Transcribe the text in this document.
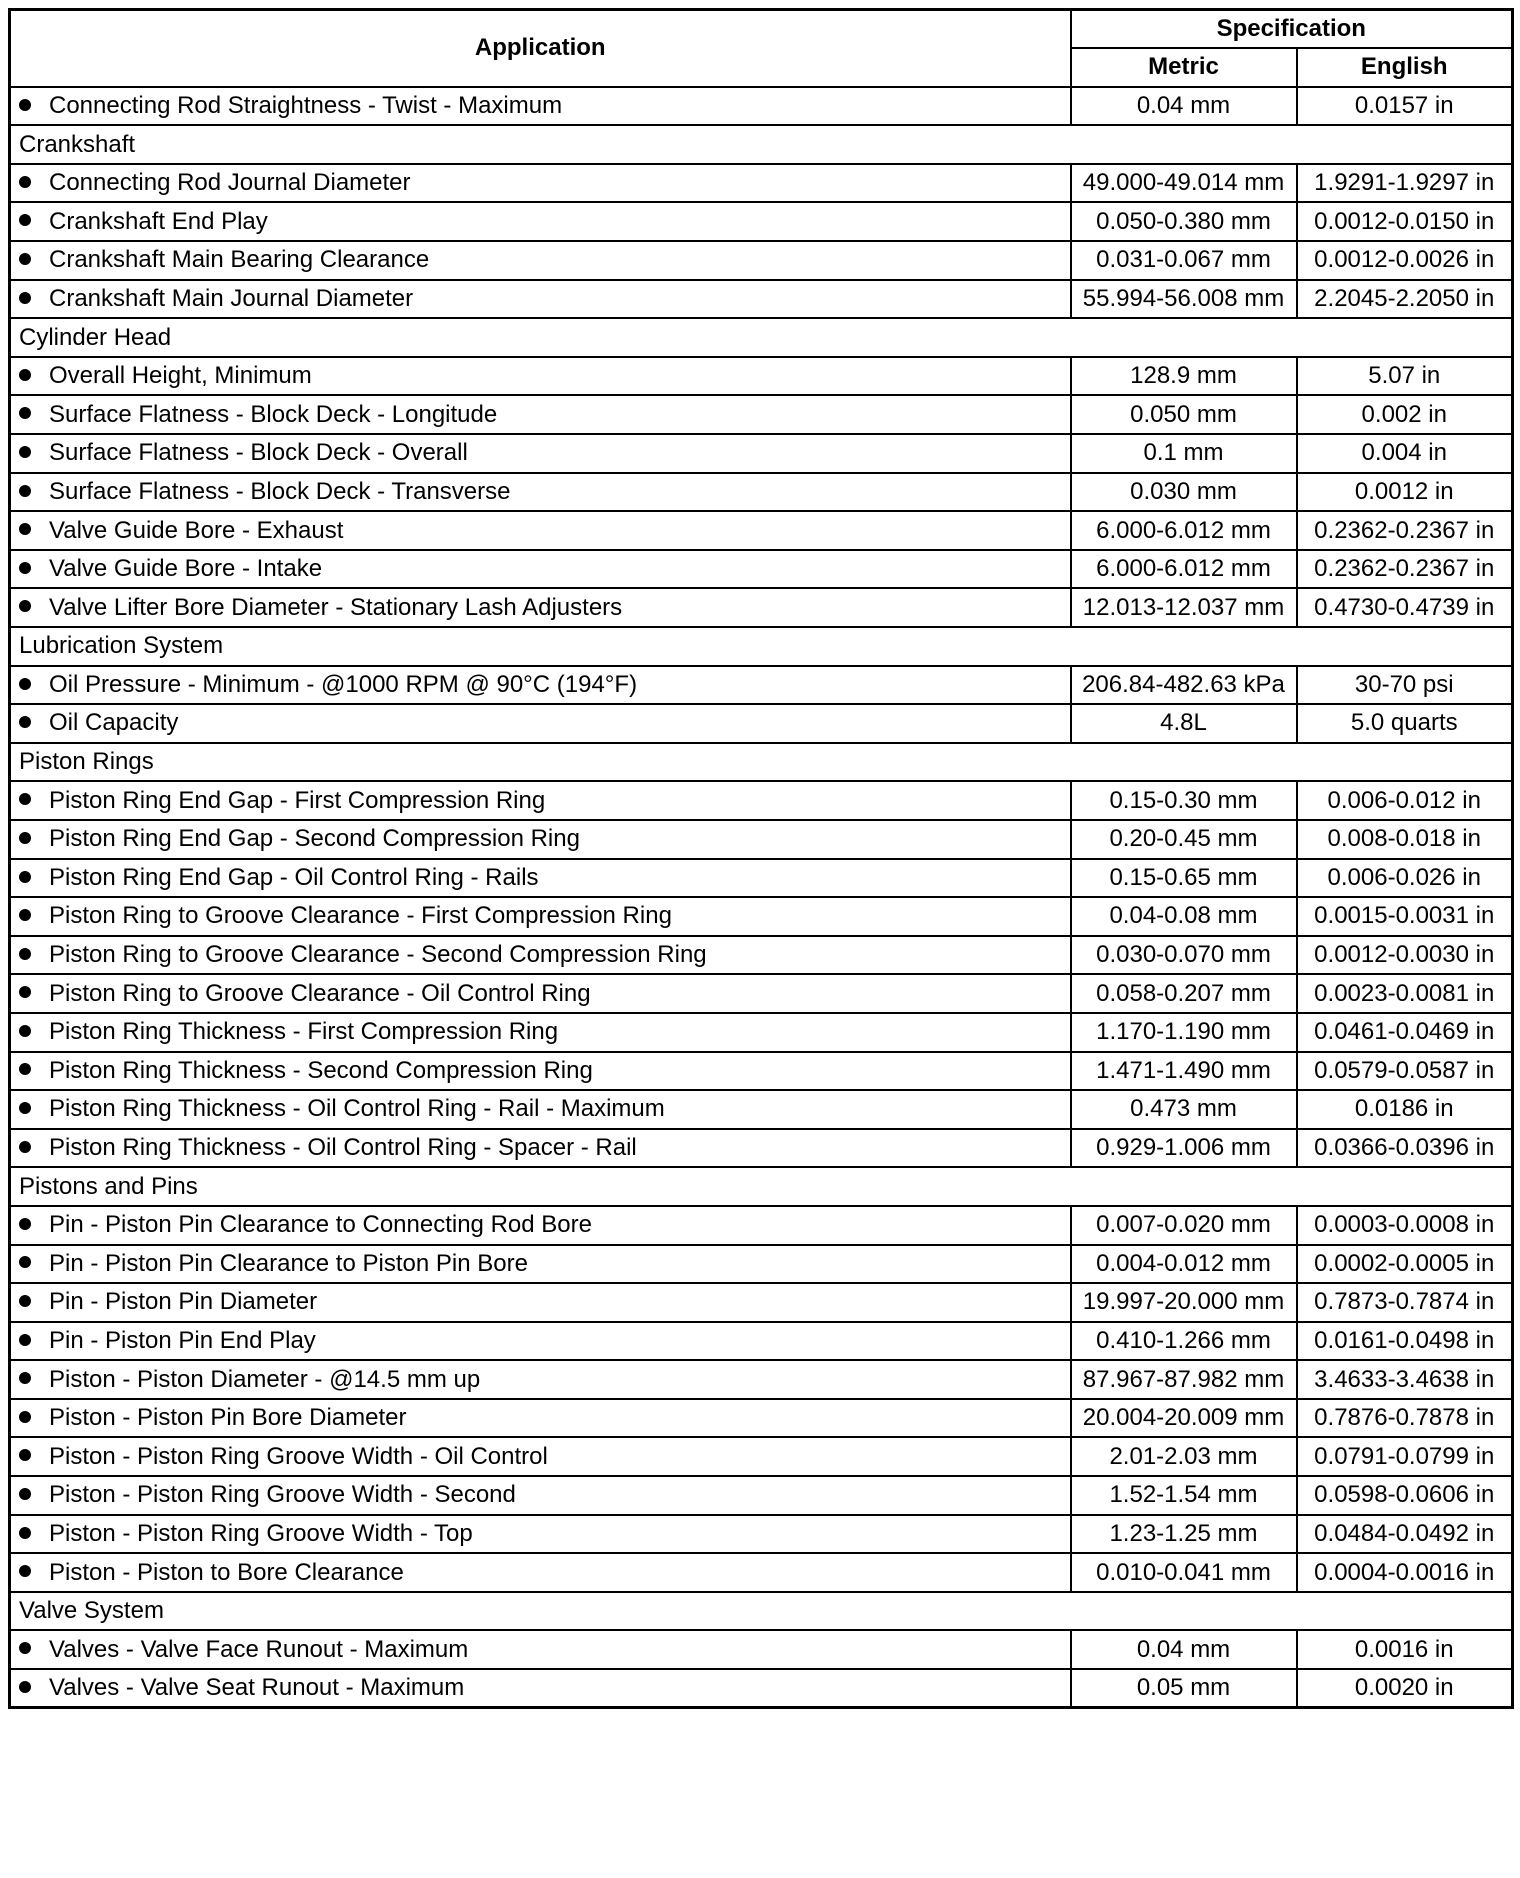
Application	Specification	
	Metric	English
Connecting Rod Straightness - Twist - Maximum	0.04 mm	0.0157 in
Crankshaft		
Connecting Rod Journal Diameter	49.000-49.014 mm	1.9291-1.9297 in
Crankshaft End Play	0.050-0.380 mm	0.0012-0.0150 in
Crankshaft Main Bearing Clearance	0.031-0.067 mm	0.0012-0.0026 in
Crankshaft Main Journal Diameter	55.994-56.008 mm	2.2045-2.2050 in
Cylinder Head		
Overall Height, Minimum	128.9 mm	5.07 in
Surface Flatness - Block Deck - Longitude	0.050 mm	0.002 in
Surface Flatness - Block Deck - Overall	0.1 mm	0.004 in
Surface Flatness - Block Deck - Transverse	0.030 mm	0.0012 in
Valve Guide Bore - Exhaust	6.000-6.012 mm	0.2362-0.2367 in
Valve Guide Bore - Intake	6.000-6.012 mm	0.2362-0.2367 in
Valve Lifter Bore Diameter - Stationary Lash Adjusters	12.013-12.037 mm	0.4730-0.4739 in
Lubrication System		
Oil Pressure - Minimum - @1000 RPM @ 90°C (194°F)	206.84-482.63 kPa	30-70 psi
Oil Capacity	4.8L	5.0 quarts
Piston Rings		
Piston Ring End Gap - First Compression Ring	0.15-0.30 mm	0.006-0.012 in
Piston Ring End Gap - Second Compression Ring	0.20-0.45 mm	0.008-0.018 in
Piston Ring End Gap - Oil Control Ring - Rails	0.15-0.65 mm	0.006-0.026 in
Piston Ring to Groove Clearance - First Compression Ring	0.04-0.08 mm	0.0015-0.0031 in
Piston Ring to Groove Clearance - Second Compression Ring	0.030-0.070 mm	0.0012-0.0030 in
Piston Ring to Groove Clearance - Oil Control Ring	0.058-0.207 mm	0.0023-0.0081 in
Piston Ring Thickness - First Compression Ring	1.170-1.190 mm	0.0461-0.0469 in
Piston Ring Thickness - Second Compression Ring	1.471-1.490 mm	0.0579-0.0587 in
Piston Ring Thickness - Oil Control Ring - Rail - Maximum	0.473 mm	0.0186 in
Piston Ring Thickness - Oil Control Ring - Spacer - Rail	0.929-1.006 mm	0.0366-0.0396 in
Pistons and Pins		
Pin - Piston Pin Clearance to Connecting Rod Bore	0.007-0.020 mm	0.0003-0.0008 in
Pin - Piston Pin Clearance to Piston Pin Bore	0.004-0.012 mm	0.0002-0.0005 in
Pin - Piston Pin Diameter	19.997-20.000 mm	0.7873-0.7874 in
Pin - Piston Pin End Play	0.410-1.266 mm	0.0161-0.0498 in
Piston - Piston Diameter - @14.5 mm up	87.967-87.982 mm	3.4633-3.4638 in
Piston - Piston Pin Bore Diameter	20.004-20.009 mm	0.7876-0.7878 in
Piston - Piston Ring Groove Width - Oil Control	2.01-2.03 mm	0.0791-0.0799 in
Piston - Piston Ring Groove Width - Second	1.52-1.54 mm	0.0598-0.0606 in
Piston - Piston Ring Groove Width - Top	1.23-1.25 mm	0.0484-0.0492 in
Piston - Piston to Bore Clearance	0.010-0.041 mm	0.0004-0.0016 in
Valve System		
Valves - Valve Face Runout - Maximum	0.04 mm	0.0016 in
Valves - Valve Seat Runout - Maximum	0.05 mm	0.0020 in
